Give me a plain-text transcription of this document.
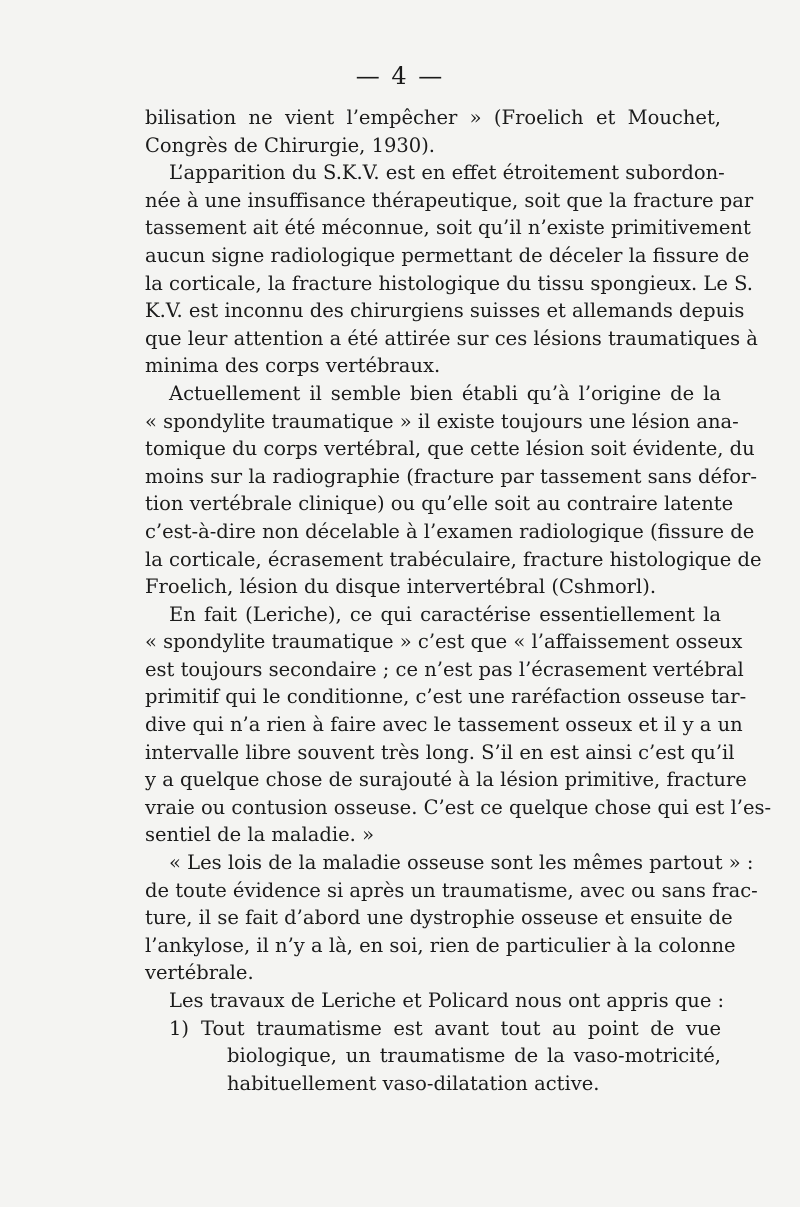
— 4 —
bilisation ne vient l’empêcher » (Froelich et Mouchet,
Congrès de Chirurgie, 1930).
L’apparition du S.K.V. est en effet étroitement subordon-
née à une insuffisance thérapeutique, soit que la fracture par
tassement ait été méconnue, soit qu’il n’existe primitivement
aucun signe radiologique permettant de déceler la fissure de
la corticale, la fracture histologique du tissu spongieux. Le S.
K.V. est inconnu des chirurgiens suisses et allemands depuis
que leur attention a été attirée sur ces lésions traumatiques à
minima des corps vertébraux.
Actuellement il semble bien établi qu’à l’origine de la
« spondylite traumatique » il existe toujours une lésion ana-
tomique du corps vertébral, que cette lésion soit évidente, du
moins sur la radiographie (fracture par tassement sans défor-
tion vertébrale clinique) ou qu’elle soit au contraire latente
c’est-à-dire non décelable à l’examen radiologique (fissure de
la corticale, écrasement trabéculaire, fracture histologique de
Froelich, lésion du disque intervertébral (Cshmorl).
En fait (Leriche), ce qui caractérise essentiellement la
« spondylite traumatique » c’est que « l’affaissement osseux
est toujours secondaire ; ce n’est pas l’écrasement vertébral
primitif qui le conditionne, c’est une raréfaction osseuse tar-
dive qui n’a rien à faire avec le tassement osseux et il y a un
intervalle libre souvent très long. S’il en est ainsi c’est qu’il
y a quelque chose de surajouté à la lésion primitive, fracture
vraie ou contusion osseuse. C’est ce quelque chose qui est l’es-
sentiel de la maladie. »
« Les lois de la maladie osseuse sont les mêmes partout » :
de toute évidence si après un traumatisme, avec ou sans frac-
ture, il se fait d’abord une dystrophie osseuse et ensuite de
l’ankylose, il n’y a là, en soi, rien de particulier à la colonne
vertébrale.
Les travaux de Leriche et Policard nous ont appris que :
1) Tout traumatisme est avant tout au point de vue
biologique, un traumatisme de la vaso-motricité,
habituellement vaso-dilatation active.
